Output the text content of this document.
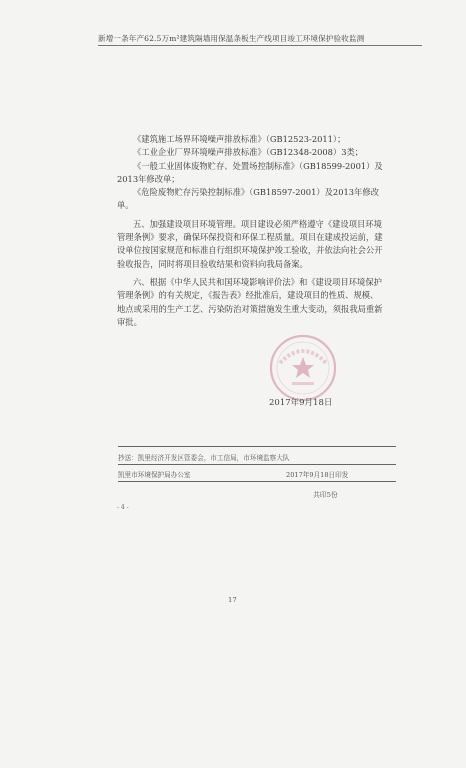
新增一条年产62.5万m²建筑隔墙用保温条板生产线项目竣工环境保护验收监测

《建筑施工场界环境噪声排放标准》（GB12523-2011）；

《工业企业厂界环境噪声排放标准》（GB12348-2008）3类；

《一般工业固体废物贮存、处置场控制标准》（GB18599-2001）及2013年修改单；

《危险废物贮存污染控制标准》（GB18597-2001）及2013年修改单。

五、加强建设项目环境管理。项目建设必须严格遵守《建设项目环境管理条例》要求，确保环保投资和环保工程质量。项目在建成投运前，建设单位按国家规范和标准自行组织环境保护竣工验收，并依法向社会公开验收报告，同时将项目验收结果和资料向我局备案。

六、根据《中华人民共和国环境影响评价法》和《建设项目环境保护管理条例》的有关规定，《报告表》经批准后，建设项目的性质、规模、地点或采用的生产工艺、污染防治对策措施发生重大变动，须报我局重新审批。

2017年9月18日
抄送：凯里经济开发区管委会，市工信局，市环境监察大队
凯里市环境保护局办公室	2017年9月18日印发
共印5份
- 4 -
17
